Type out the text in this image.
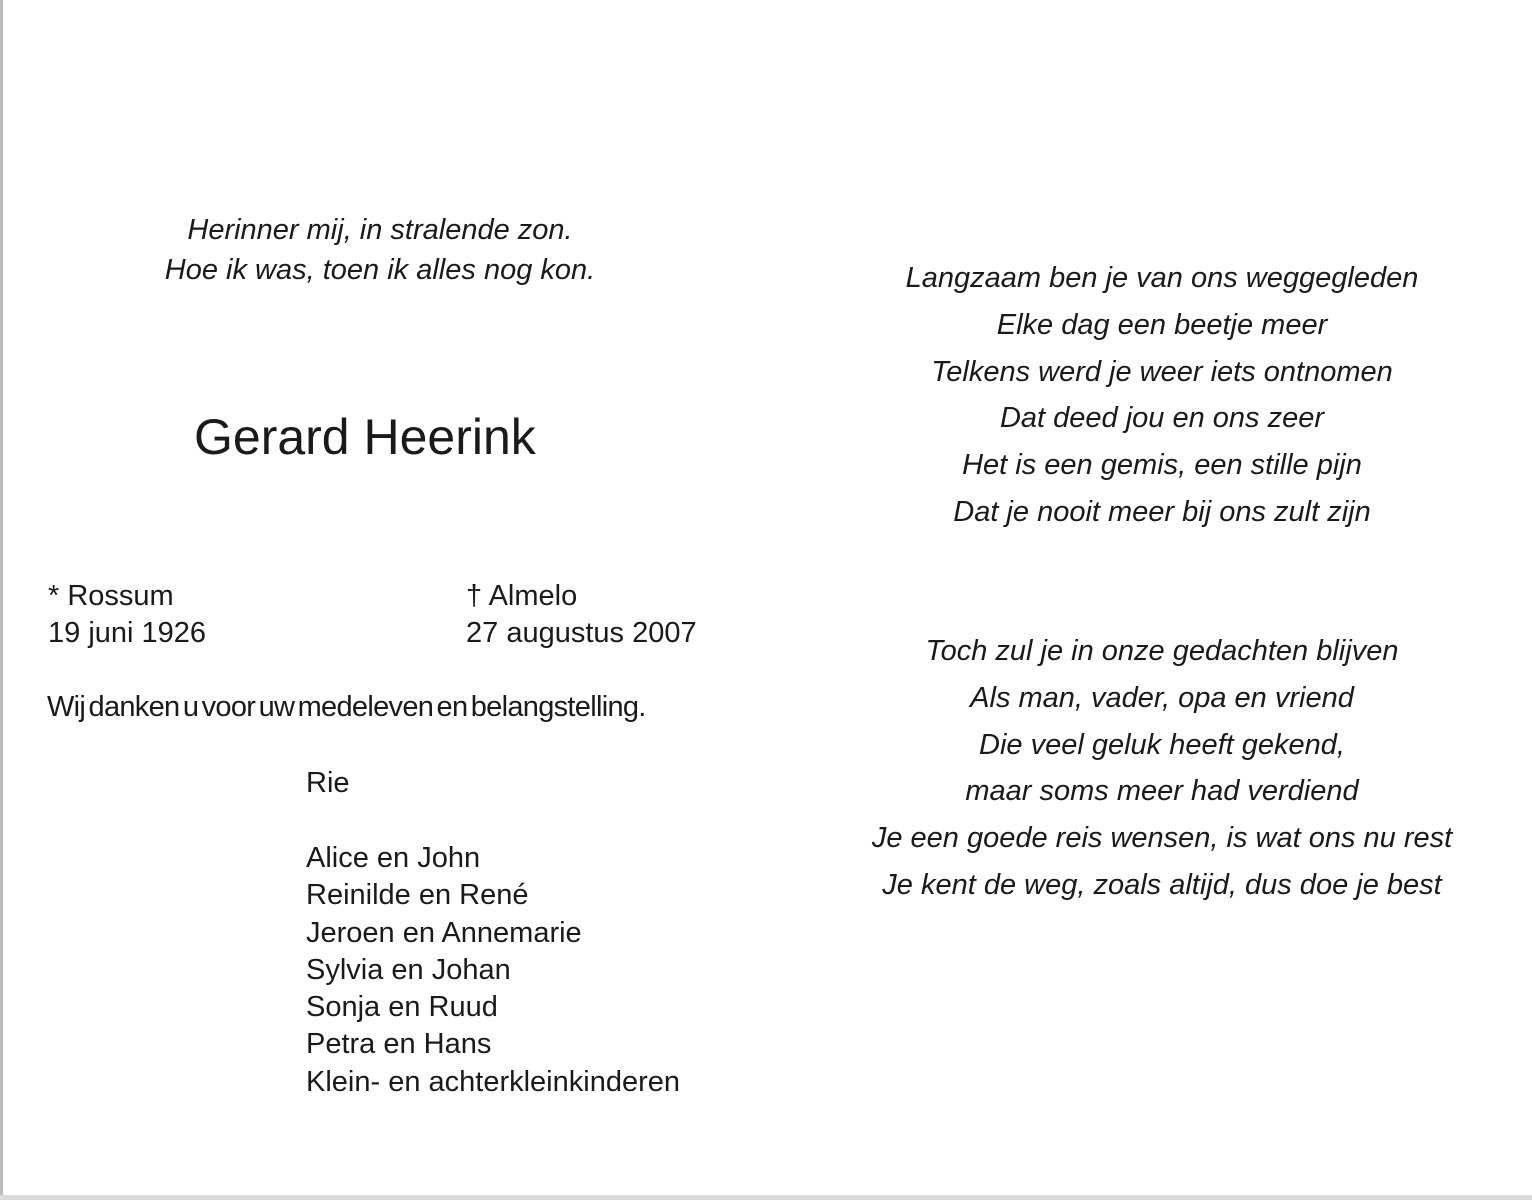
Herinner mij, in stralende zon.
Hoe ik was, toen ik alles nog kon.
Gerard Heerink
* Rossum
19 juni 1926
† Almelo
27 augustus 2007
Wij danken u voor uw medeleven en belangstelling.
Rie
Alice en John
Reinilde en René
Jeroen en Annemarie
Sylvia en Johan
Sonja en Ruud
Petra en Hans
Klein- en achterkleinkinderen
Langzaam ben je van ons weggegleden
Elke dag een beetje meer
Telkens werd je weer iets ontnomen
Dat deed jou en ons zeer
Het is een gemis, een stille pijn
Dat je nooit meer bij ons zult zijn
Toch zul je in onze gedachten blijven
Als man, vader, opa en vriend
Die veel geluk heeft gekend,
maar soms meer had verdiend
Je een goede reis wensen, is wat ons nu rest
Je kent de weg, zoals altijd, dus doe je best
